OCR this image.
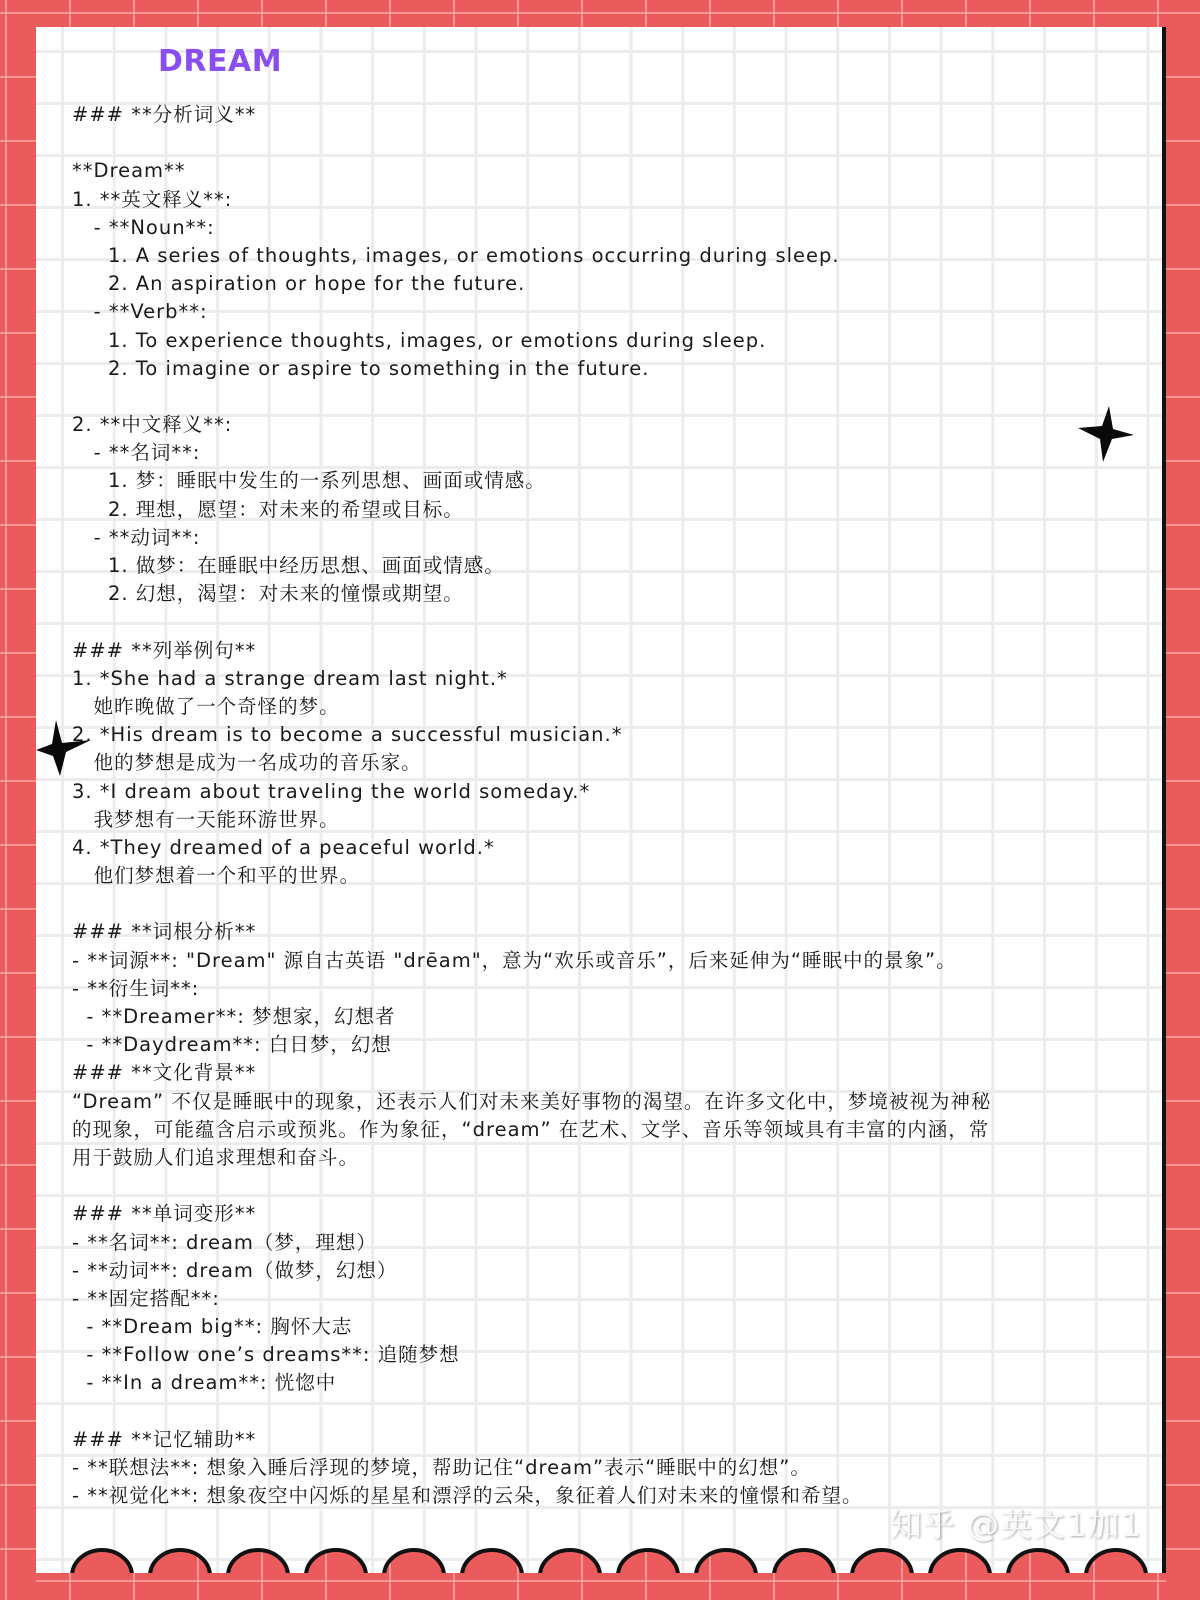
DREAM
### **分析词义**
**Dream**
1. **英文释义**:
- **Noun**:
1. A series of thoughts, images, or emotions occurring during sleep.
2. An aspiration or hope for the future.
- **Verb**:
1. To experience thoughts, images, or emotions during sleep.
2. To imagine or aspire to something in the future.
2. **中文释义**:
- **名词**:
1. 梦：睡眠中发生的一系列思想、画面或情感。
2. 理想，愿望：对未来的希望或目标。
- **动词**:
1. 做梦：在睡眠中经历思想、画面或情感。
2. 幻想，渴望：对未来的憧憬或期望。
### **列举例句**
1. *She had a strange dream last night.*
她昨晚做了一个奇怪的梦。
2. *His dream is to become a successful musician.*
他的梦想是成为一名成功的音乐家。
3. *I dream about traveling the world someday.*
我梦想有一天能环游世界。
4. *They dreamed of a peaceful world.*
他们梦想着一个和平的世界。
### **词根分析**
- **词源**: "Dream" 源自古英语 "drēam"，意为“欢乐或音乐”，后来延伸为“睡眠中的景象”。
- **衍生词**:
- **Dreamer**: 梦想家，幻想者
- **Daydream**: 白日梦，幻想
### **文化背景**
“Dream” 不仅是睡眠中的现象，还表示人们对未来美好事物的渴望。在许多文化中，梦境被视为神秘
的现象，可能蕴含启示或预兆。作为象征，“dream” 在艺术、文学、音乐等领域具有丰富的内涵，常
用于鼓励人们追求理想和奋斗。
### **单词变形**
- **名词**: dream（梦，理想）
- **动词**: dream（做梦，幻想）
- **固定搭配**:
- **Dream big**: 胸怀大志
- **Follow one’s dreams**: 追随梦想
- **In a dream**: 恍惚中
### **记忆辅助**
- **联想法**: 想象入睡后浮现的梦境，帮助记住“dream”表示“睡眠中的幻想”。
- **视觉化**: 想象夜空中闪烁的星星和漂浮的云朵，象征着人们对未来的憧憬和希望。
知乎 @英文1加1
